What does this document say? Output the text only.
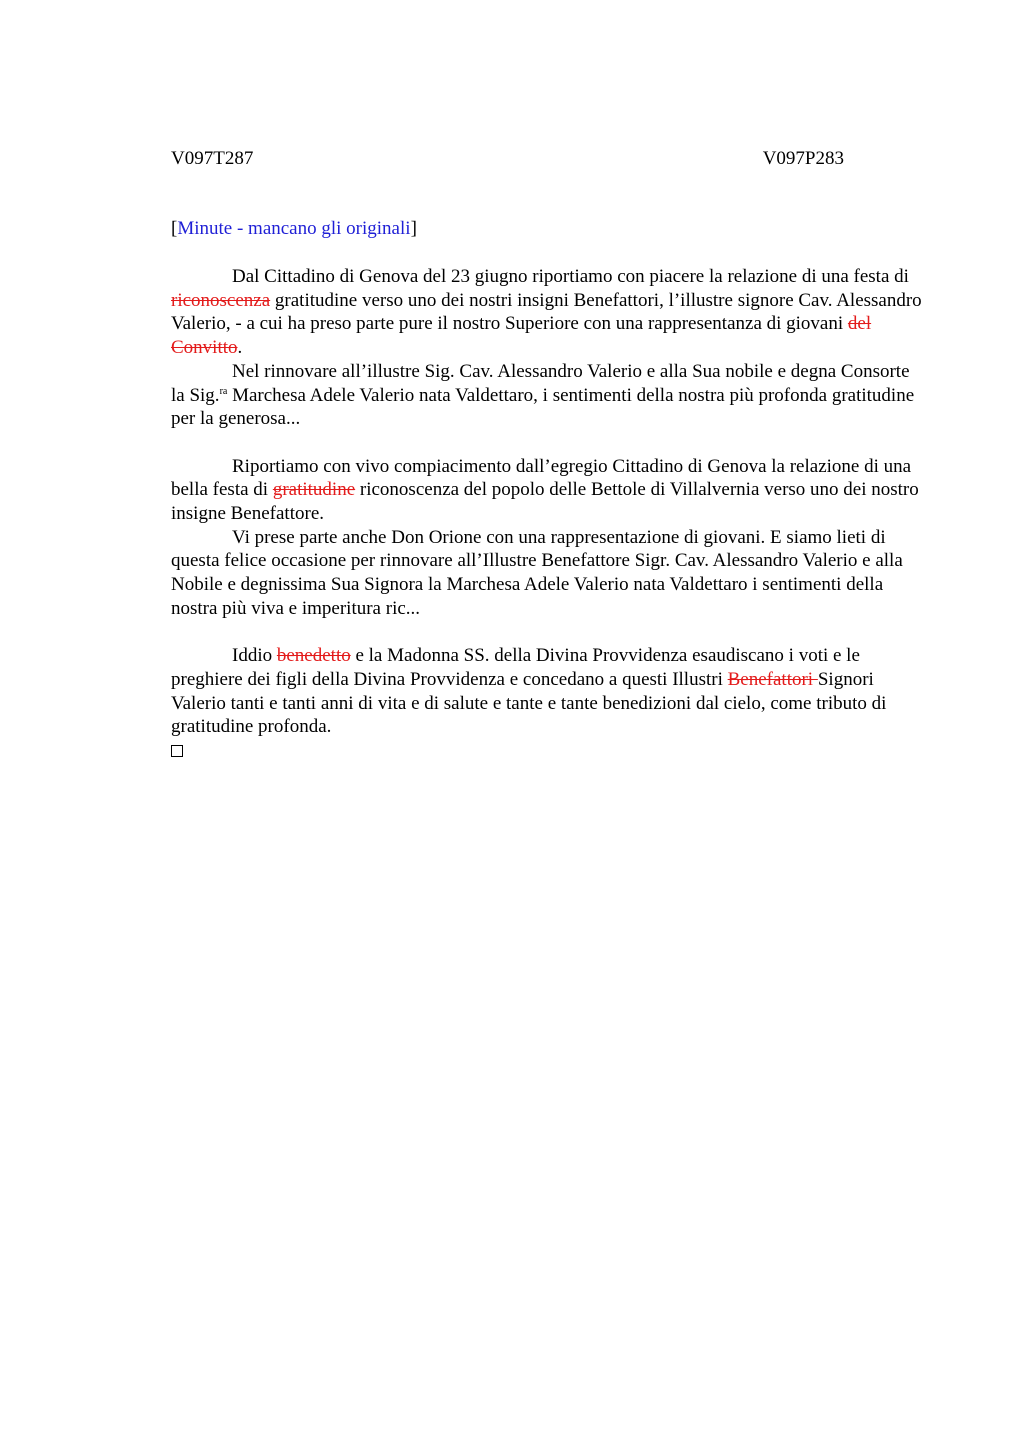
V097T287	V097P283
[Minute - mancano gli originali]

Dal Cittadino di Genova del 23 giugno riportiamo con piacere la relazione di una festa di riconoscenza gratitudine verso uno dei nostri insigni Benefattori, l’illustre signore Cav. Alessandro Valerio, - a cui ha preso parte pure il nostro Superiore con una rappresentanza di giovani del Convitto.

Nel rinnovare all’illustre Sig. Cav. Alessandro Valerio e alla Sua nobile e degna Consorte la Sig.$^{ra}$ Marchesa Adele Valerio nata Valdettaro, i sentimenti della nostra più profonda gratitudine per la generosa...

Riportiamo con vivo compiacimento dall’egregio Cittadino di Genova la relazione di una bella festa di gratitudine riconoscenza del popolo delle Bettole di Villalvernia verso uno dei nostro insigne Benefattore.

Vi prese parte anche Don Orione con una rappresentazione di giovani. E siamo lieti di questa felice occasione per rinnovare all’Illustre Benefattore Sigr. Cav. Alessandro Valerio e alla Nobile e degnissima Sua Signora la Marchesa Adele Valerio nata Valdettaro i sentimenti della nostra più viva e imperitura ric...

Iddio benedetto e la Madonna SS. della Divina Provvidenza esaudiscano i voti e le preghiere dei figli della Divina Provvidenza e concedano a questi Illustri Benefattori Signori Valerio tanti e tanti anni di vita e di salute e tante e tante benedizioni dal cielo, come tributo di gratitudine profonda.
